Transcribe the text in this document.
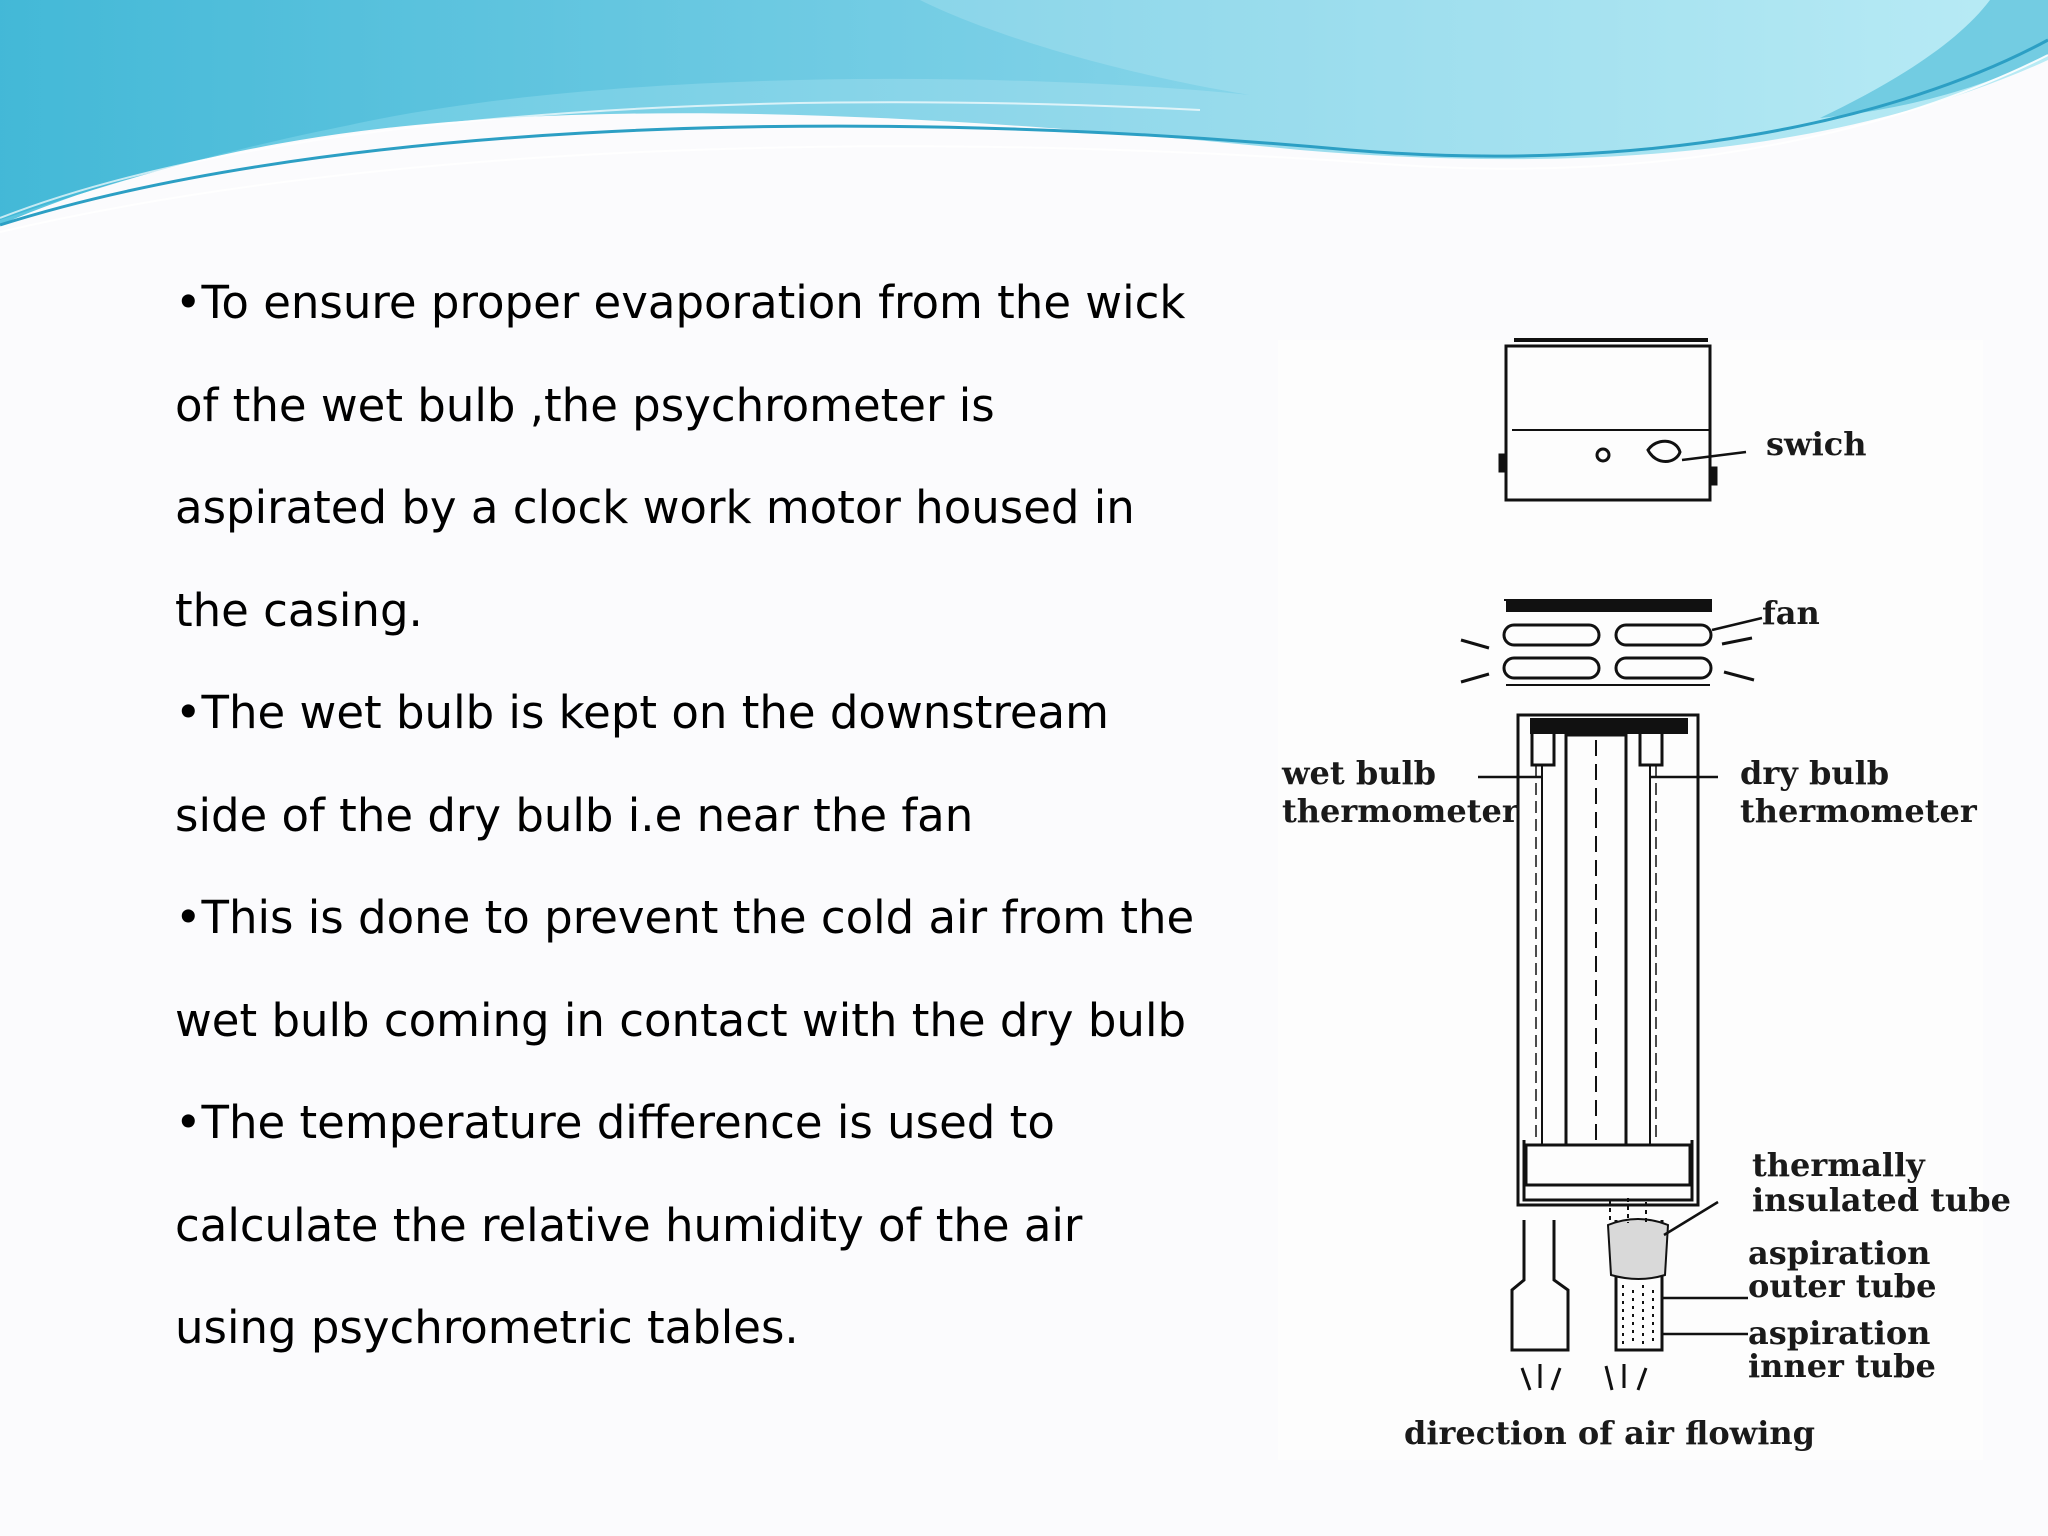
•To ensure proper evaporation from the wick of the wet bulb ,the psychrometer is aspirated by a clock work motor housed in the casing.
•The wet bulb is kept on the downstream side of the dry bulb i.e near the fan
•This is done to prevent the cold air from the wet bulb coming in contact with the dry bulb
•The temperature difference is used to calculate the relative humidity of the air using psychrometric tables.
swich
fan
wet bulb
thermometer
dry bulb
thermometer
thermally
insulated tube
aspiration
outer tube
aspiration
inner tube
direction of air flowing
